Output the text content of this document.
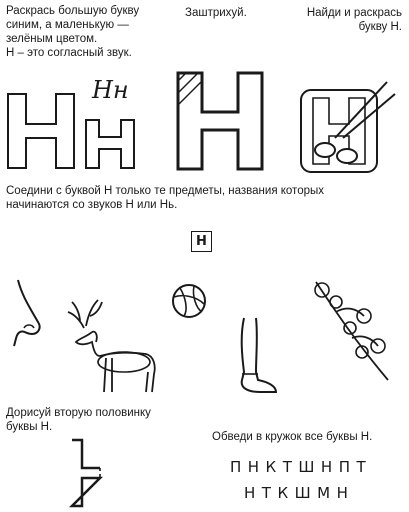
Раскрась большую букву
синим, а маленькую —
зелёным цветом.
Н – это согласный звук.
Заштрихуй.	Найди и раскрась
букву Н.
Нн
Соедини с буквой Н только те предметы, названия которых
начинаются со звуков Н или Нь.
Н
Дорисуй вторую половинку
буквы Н.
Обведи в кружок все буквы Н.
ПНКТШНПТ
НТКШМН
